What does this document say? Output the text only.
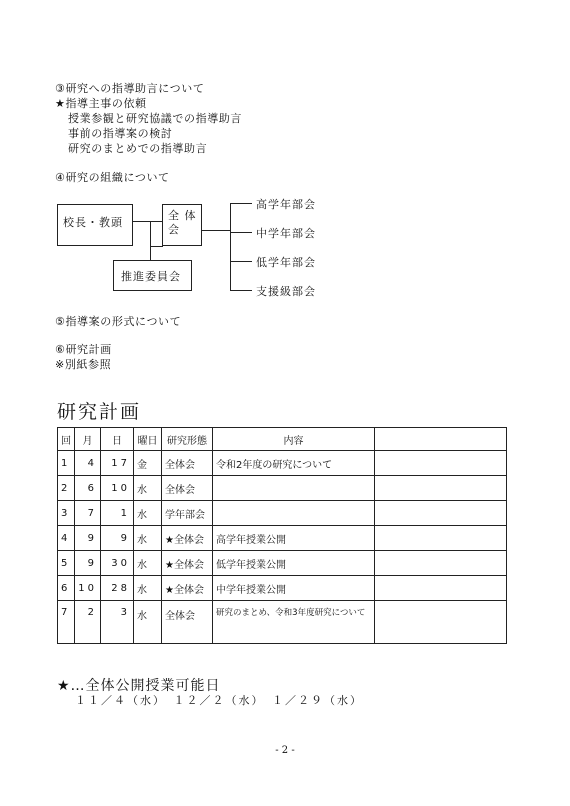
③研究への指導助言について
★指導主事の依頼
授業参観と研究協議での指導助言
事前の指導案の検討
研究のまとめでの指導助言
④研究の組織について
校長・教頭
全 体
会
推進委員会
高学年部会
中学年部会
低学年部会
支援級部会
⑤指導案の形式について
⑥研究計画
※別紙参照
研究計画
回	月	日	曜日	研究形態	内容	
1	4	17	金	全体会	令和2年度の研究について	
2	6	10	水	全体会		
3	7	1	水	学年部会		
4	9	9	水	★全体会	高学年授業公開	
5	9	30	水	★全体会	低学年授業公開	
6	10	28	水	★全体会	中学年授業公開	
7	2	3	水	全体会	研究のまとめ、令和3年度研究について	
★…全体公開授業可能日
１１／４（水）　１２／２（水）　１／２９（水）
- 2 -
